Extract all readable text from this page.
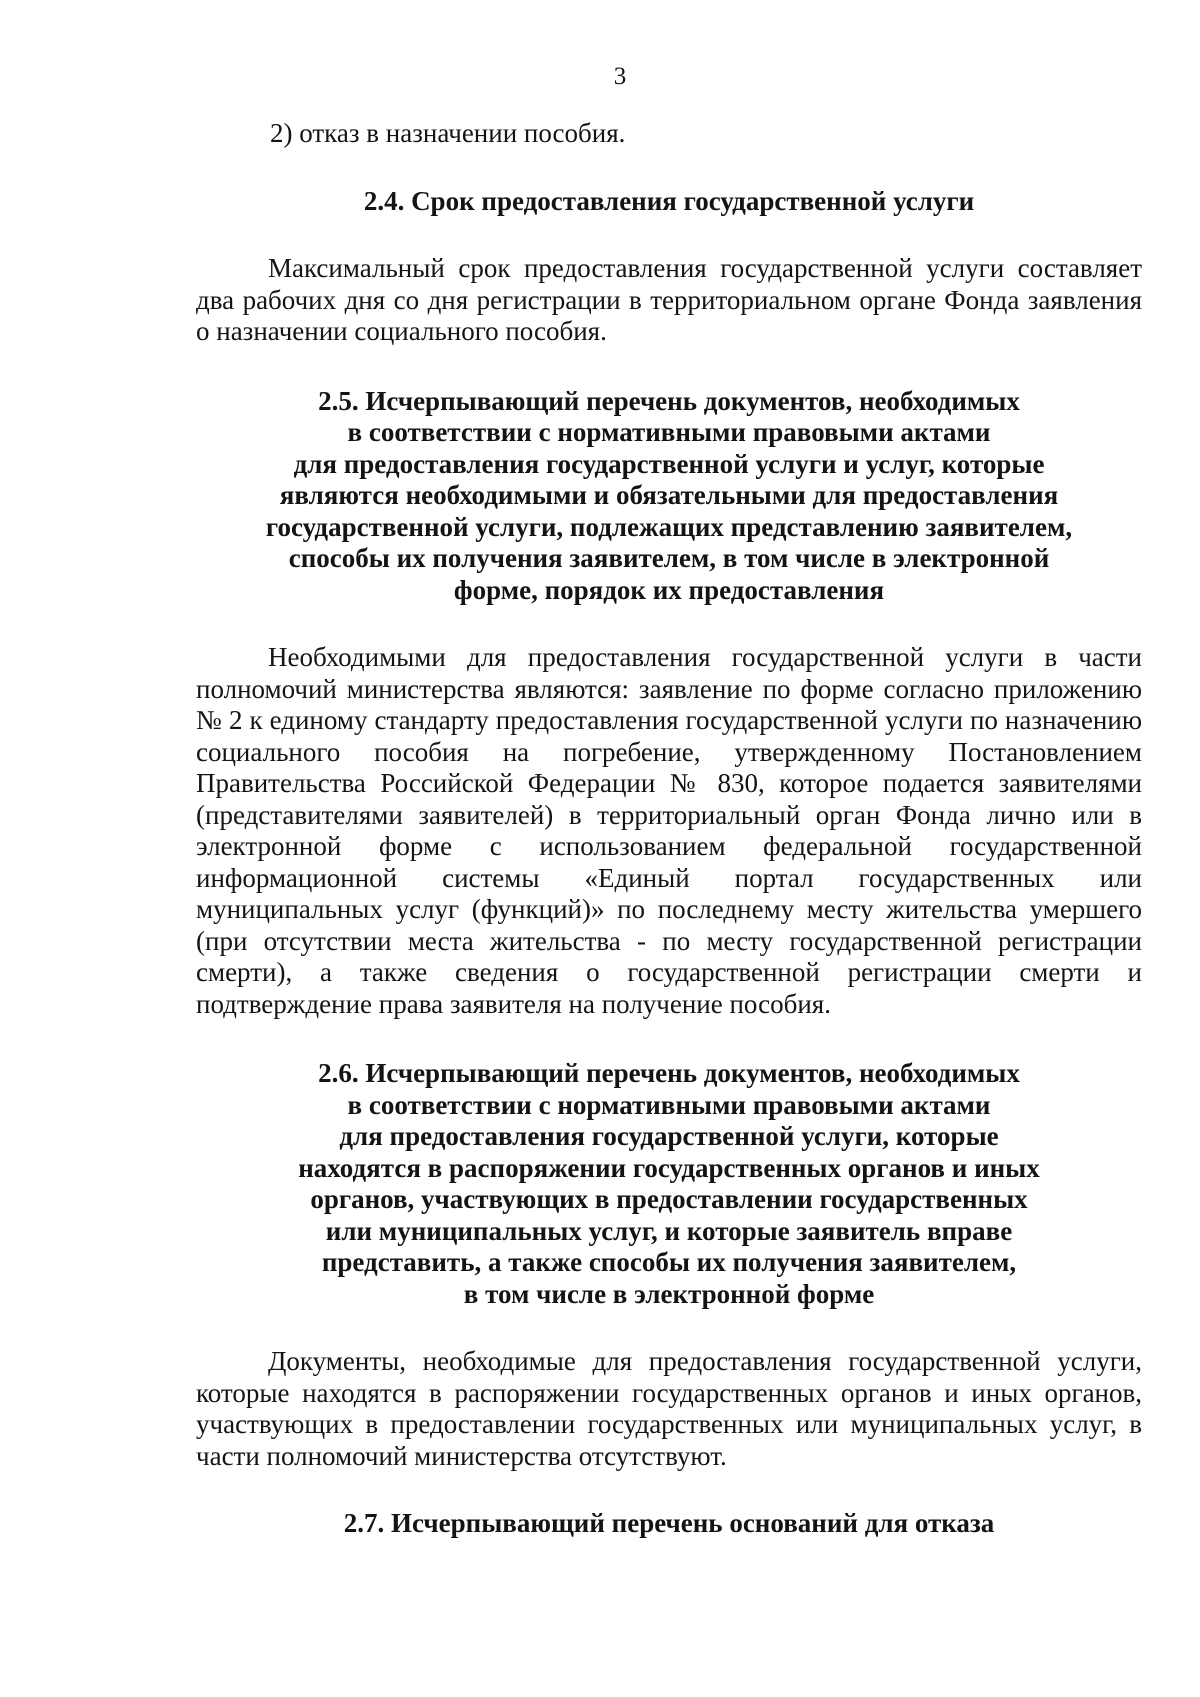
3

2) отказ в назначении пособия.

2.4. Срок предоставления государственной услуги

Максимальный срок предоставления государственной услуги составляет два рабочих дня со дня регистрации в территориальном органе Фонда заявления о назначении социального пособия.

2.5. Исчерпывающий перечень документов, необходимых
в соответствии с нормативными правовыми актами
для предоставления государственной услуги и услуг, которые
являются необходимыми и обязательными для предоставления
государственной услуги, подлежащих представлению заявителем,
способы их получения заявителем, в том числе в электронной
форме, порядок их предоставления

Необходимыми для предоставления государственной услуги в части полномочий министерства являются: заявление по форме согласно приложению № 2 к единому стандарту предоставления государственной услуги по назначению социального пособия на погребение, утвержденному Постановлением Правительства Российской Федерации № 830, которое подается заявителями (представителями заявителей) в территориальный орган Фонда лично или в электронной форме с использованием федеральной государственной информационной системы «Единый портал государственных или муниципальных услуг (функций)» по последнему месту жительства умершего (при отсутствии места жительства - по месту государственной регистрации смерти), а также сведения о государственной регистрации смерти и подтверждение права заявителя на получение пособия.

2.6. Исчерпывающий перечень документов, необходимых
в соответствии с нормативными правовыми актами
для предоставления государственной услуги, которые
находятся в распоряжении государственных органов и иных
органов, участвующих в предоставлении государственных
или муниципальных услуг, и которые заявитель вправе
представить, а также способы их получения заявителем,
в том числе в электронной форме

Документы, необходимые для предоставления государственной услуги, которые находятся в распоряжении государственных органов и иных органов, участвующих в предоставлении государственных или муниципальных услуг, в части полномочий министерства отсутствуют.

2.7. Исчерпывающий перечень оснований для отказа
